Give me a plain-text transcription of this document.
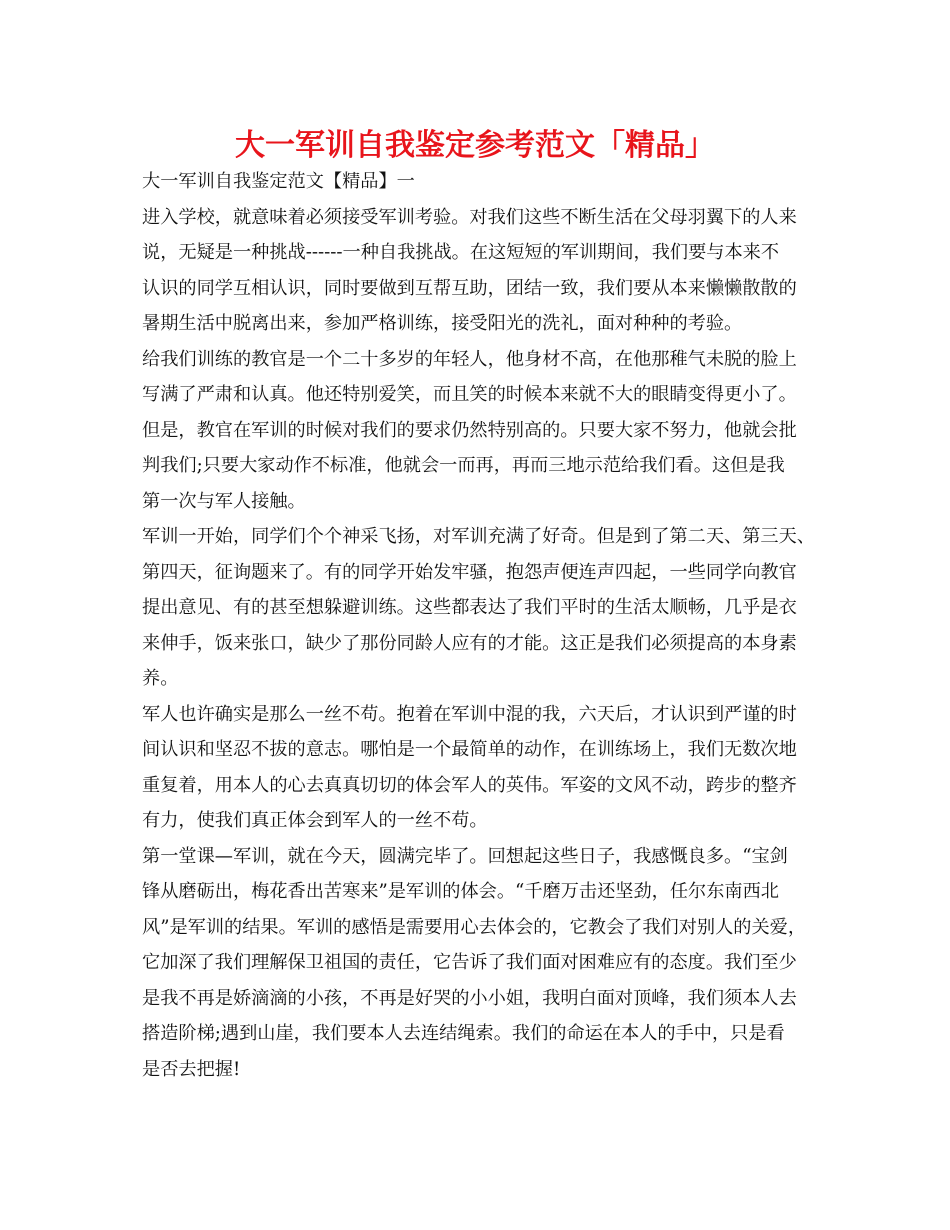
大一军训自我鉴定参考范文「精品」
大一军训自我鉴定范文【精品】一
进入学校，就意味着必须接受军训考验。对我们这些不断生活在父母羽翼下的人来
说，无疑是一种挑战------一种自我挑战。在这短短的军训期间，我们要与本来不
认识的同学互相认识，同时要做到互帮互助，团结一致，我们要从本来懒懒散散的
暑期生活中脱离出来，参加严格训练，接受阳光的洗礼，面对种种的考验。
给我们训练的教官是一个二十多岁的年轻人，他身材不高，在他那稚气未脱的脸上
写满了严肃和认真。他还特别爱笑，而且笑的时候本来就不大的眼睛变得更小了。
但是，教官在军训的时候对我们的要求仍然特别高的。只要大家不努力，他就会批
判我们;只要大家动作不标准，他就会一而再，再而三地示范给我们看。这但是我
第一次与军人接触。
军训一开始，同学们个个神采飞扬，对军训充满了好奇。但是到了第二天、第三天、
第四天，征询题来了。有的同学开始发牢骚，抱怨声便连声四起，一些同学向教官
提出意见、有的甚至想躲避训练。这些都表达了我们平时的生活太顺畅，几乎是衣
来伸手，饭来张口，缺少了那份同龄人应有的才能。这正是我们必须提高的本身素
养。
军人也许确实是那么一丝不苟。抱着在军训中混的我，六天后，才认识到严谨的时
间认识和坚忍不拔的意志。哪怕是一个最简单的动作，在训练场上，我们无数次地
重复着，用本人的心去真真切切的体会军人的英伟。军姿的文风不动，跨步的整齐
有力，使我们真正体会到军人的一丝不苟。
第一堂课—军训，就在今天，圆满完毕了。回想起这些日子，我感慨良多。“宝剑
锋从磨砺出，梅花香出苦寒来”是军训的体会。“千磨万击还坚劲，任尔东南西北
风”是军训的结果。军训的感悟是需要用心去体会的，它教会了我们对别人的关爱，
它加深了我们理解保卫祖国的责任，它告诉了我们面对困难应有的态度。我们至少
是我不再是娇滴滴的小孩，不再是好哭的小小姐，我明白面对顶峰，我们须本人去
搭造阶梯;遇到山崖，我们要本人去连结绳索。我们的命运在本人的手中，只是看
是否去把握!
